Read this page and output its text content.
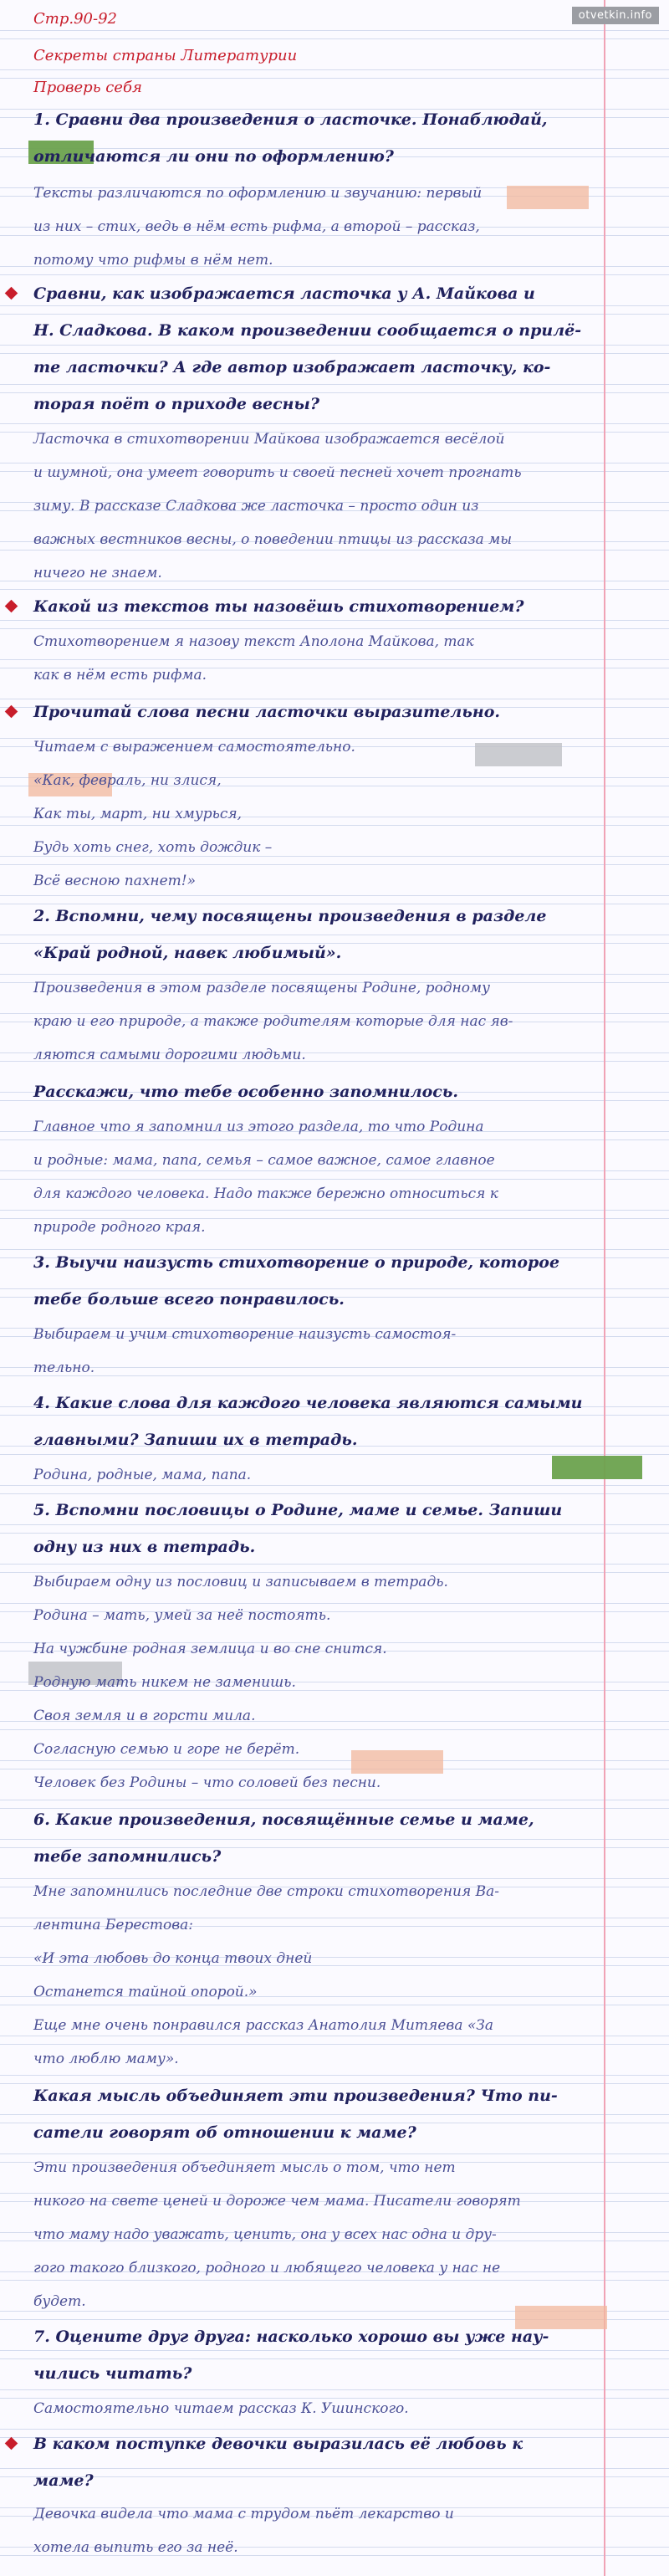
otvetkin.info
Стр.90-92
Секреты страны Литературии
Проверь себя
1. Сравни два произведения о ласточке. Понаблюдай,
отличаются ли они по оформлению?
Тексты различаются по оформлению и звучанию: первый
из них – стих, ведь в нём есть рифма, а второй – рассказ,
потому что рифмы в нём нет.
Сравни, как изображается ласточка у А. Майкова и
Н. Сладкова. В каком произведении сообщается о прилё-
те ласточки? А где автор изображает ласточку, ко-
торая поёт о приходе весны?
Ласточка в стихотворении Майкова изображается весёлой
и шумной, она умеет говорить и своей песней хочет прогнать
зиму. В рассказе Сладкова же ласточка – просто один из
важных вестников весны, о поведении птицы из рассказа мы
ничего не знаем.
Какой из текстов ты назовёшь стихотворением?
Стихотворением я назову текст Аполона Майкова, так
как в нём есть рифма.
Прочитай слова песни ласточки выразительно.
Читаем с выражением самостоятельно.
«Как, февраль, ни злися,
Как ты, март, ни хмурься,
Будь хоть снег, хоть дождик –
Всё весною пахнет!»
2. Вспомни, чему посвящены произведения в разделе
«Край родной, навек любимый».
Произведения в этом разделе посвящены Родине, родному
краю и его природе, а также родителям которые для нас яв-
ляются самыми дорогими людьми.
Расскажи, что тебе особенно запомнилось.
Главное что я запомнил из этого раздела, то что Родина
и родные: мама, папа, семья – самое важное, самое главное
для каждого человека. Надо также бережно относиться к
природе родного края.
3. Выучи наизусть стихотворение о природе, которое
тебе больше всего понравилось.
Выбираем и учим стихотворение наизусть самостоя-
тельно.
4. Какие слова для каждого человека являются самыми
главными? Запиши их в тетрадь.
Родина, родные, мама, папа.
5. Вспомни пословицы о Родине, маме и семье. Запиши
одну из них в тетрадь.
Выбираем одну из пословиц и записываем в тетрадь.
Родина – мать, умей за неё постоять.
На чужбине родная землица и во сне снится.
Родную мать никем не заменишь.
Своя земля и в горсти мила.
Согласную семью и горе не берёт.
Человек без Родины – что соловей без песни.
6. Какие произведения, посвящённые семье и маме,
тебе запомнились?
Мне запомнились последние две строки стихотворения Ва-
лентина Берестова:
«И эта любовь до конца твоих дней
Останется тайной опорой.»
Еще мне очень понравился рассказ Анатолия Митяева «За
что люблю маму».
Какая мысль объединяет эти произведения? Что пи-
сатели говорят об отношении к маме?
Эти произведения объединяет мысль о том, что нет
никого на свете ценей и дороже чем мама. Писатели говорят
что маму надо уважать, ценить, она у всех нас одна и дру-
гого такого близкого, родного и любящего человека у нас не
будет.
7. Оцените друг друга: насколько хорошо вы уже нау-
чились читать?
Самостоятельно читаем рассказ К. Ушинского.
В каком поступке девочки выразилась её любовь к
маме?
Девочка видела что мама с трудом пьёт лекарство и
хотела выпить его за неё.
